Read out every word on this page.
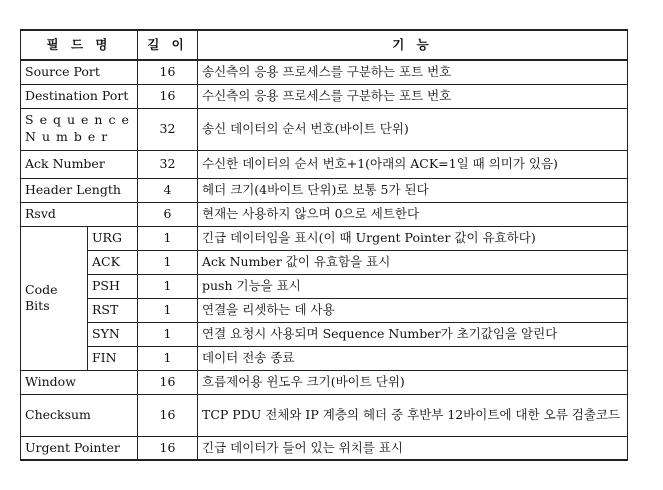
필 드 명		길 이	기 능
Source Port		16	송신측의 응용 프로세스를 구분하는 포트 번호
Destination Port		16	수신측의 응용 프로세스를 구분하는 포트 번호
Sequence Number		32	송신 데이터의 순서 번호(바이트 단위)
Ack Number		32	수신한 데이터의 순서 번호+1(아래의 ACK=1일 때 의미가 있음)
Header Length		4	헤더 크기(4바이트 단위)로 보통 5가 된다
Rsvd		6	현재는 사용하지 않으며 0으로 세트한다
Code Bits	URG	1	긴급 데이터임을 표시(이 때 Urgent Pointer 값이 유효하다)
	ACK	1	Ack Number 값이 유효함을 표시
	PSH	1	push 기능을 표시
	RST	1	연결을 리셋하는 데 사용
	SYN	1	연결 요청시 사용되며 Sequence Number가 초기값임을 알린다
	FIN	1	데이터 전송 종료
Window		16	흐름제어용 윈도우 크기(바이트 단위)
Checksum		16	TCP PDU 전체와 IP 계층의 헤더 중 후반부 12바이트에 대한 오류 검출코드
Urgent Pointer		16	긴급 데이터가 들어 있는 위치를 표시
